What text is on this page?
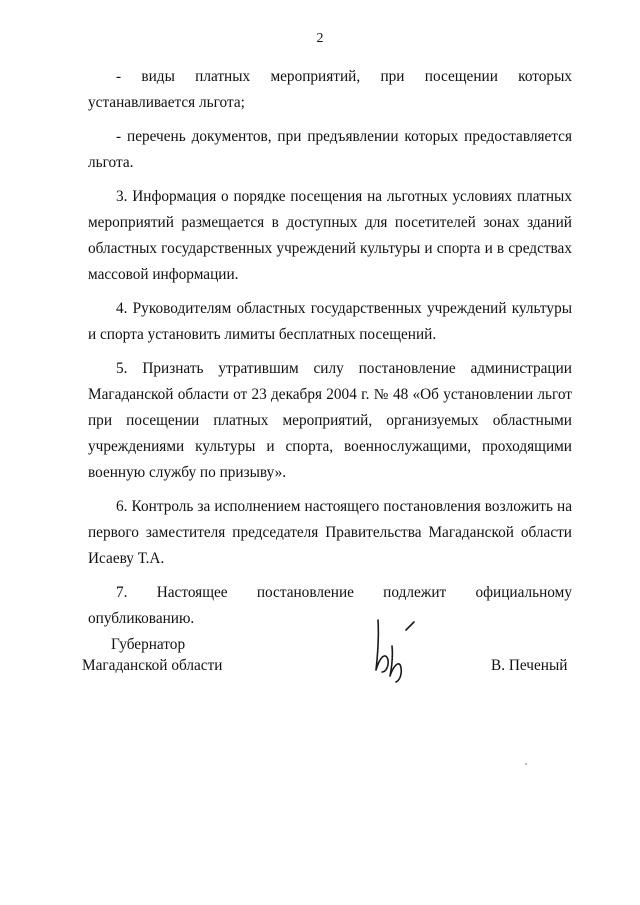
2

- виды платных мероприятий, при посещении которых устанавливается льгота;

- перечень документов, при предъявлении которых предоставляется льгота.

3. Информация о порядке посещения на льготных условиях платных мероприятий размещается в доступных для посетителей зонах зданий областных государственных учреждений культуры и спорта и в средствах массовой информации.

4. Руководителям областных государственных учреждений культуры и спорта установить лимиты бесплатных посещений.

5. Признать утратившим силу постановление администрации Магаданской области от 23 декабря 2004 г. № 48 «Об установлении льгот при посещении платных мероприятий, организуемых областными учреждениями культуры и спорта, военнослужащими, проходящими военную службу по призыву».

6. Контроль за исполнением настоящего постановления возложить на первого заместителя председателя Правительства Магаданской области Исаеву Т.А.

7. Настоящее постановление подлежит официальному опубликованию.

Губернатор
Магаданской области	В. Печеный
